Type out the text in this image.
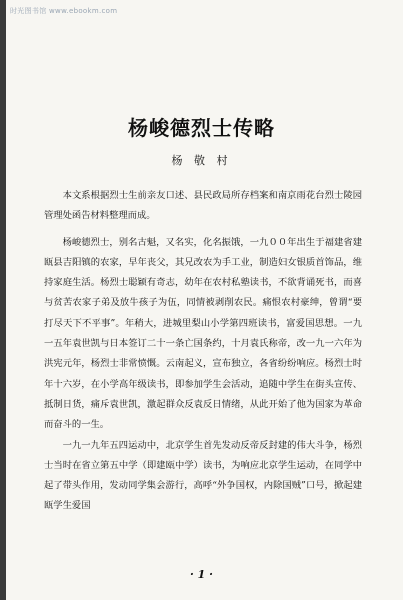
时光图书馆 www.ebookm.com
杨峻德烈士传略
杨 敬 村

本文系根据烈士生前亲友口述、县民政局所存档案和南京雨花台烈士陵园管理处函告材料整理而成。

杨峻德烈士，别名古魁，又名实，化名振饿，一九００年出生于福建省建瓯县吉阳镇的农家，早年丧父，其兄改农为手工业，制造妇女银质首饰品，维持家庭生活。杨烈士聪颖有奇志，幼年在农村私塾读书，不欲背诵死书，而喜与贫苦农家子弟及放牛孩子为伍，同情被剥削农民。痛恨农村豪绅，曾谓“要打尽天下不平事”。年稍大，进城里梨山小学第四班读书，富爱国思想。一九一五年袁世凯与日本签订二十一条亡国条约，十月袁氏称帝，改一九一六年为洪宪元年，杨烈士非常愤慨。云南起义，宣布独立，各省纷纷响应。杨烈士时年十六岁，在小学高年级读书，即参加学生会活动，追随中学生在街头宣传、抵制日货，痛斥袁世凯，激起群众反袁反日情绪，从此开始了他为国家为革命而奋斗的一生。

一九一九年五四运动中，北京学生首先发动反帝反封建的伟大斗争，杨烈士当时在省立第五中学（即建瓯中学）读书，为响应北京学生运动，在同学中起了带头作用，发动同学集会游行，高呼“外争国权，内除国贼”口号，掀起建瓯学生爱国

· 1 ·
